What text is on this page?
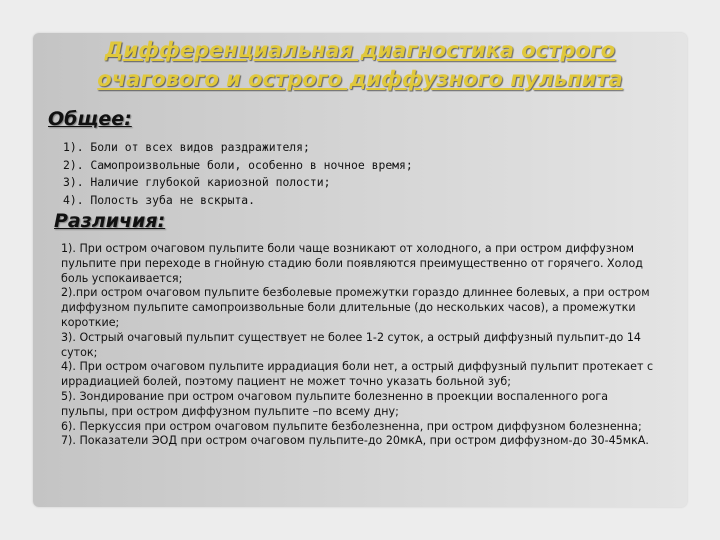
Дифференциальная диагностика острого
очагового и острого диффузного пульпита
Общее:
1). Боли от всех видов раздражителя;
2). Самопроизвольные боли, особенно в ночное время;
3). Наличие глубокой кариозной полости;
4). Полость зуба не вскрыта.
Различия:
1). При остром очаговом пульпите боли чаще возникают от холодного, а при остром диффузном пульпите при переходе в гнойную стадию боли появляются преимущественно от горячего. Холод боль успокаивается;
2).при остром очаговом пульпите безболевые промежутки гораздо длиннее болевых, а при остром диффузном пульпите самопроизвольные боли длительные (до нескольких часов), а промежутки короткие;
3). Острый очаговый пульпит существует не более 1-2 суток, а острый диффузный пульпит-до 14 суток;
4). При остром очаговом пульпите иррадиация боли нет, а острый диффузный пульпит протекает с иррадиацией болей, поэтому пациент не может точно указать больной зуб;
5). Зондирование при остром очаговом пульпите болезненно в проекции воспаленного рога пульпы, при остром диффузном пульпите –по всему дну;
6). Перкуссия при остром очаговом пульпите безболезненна, при остром диффузном болезненна;
7). Показатели ЭОД при остром очаговом пульпите-до 20мкА, при остром диффузном-до 30-45мкА.
